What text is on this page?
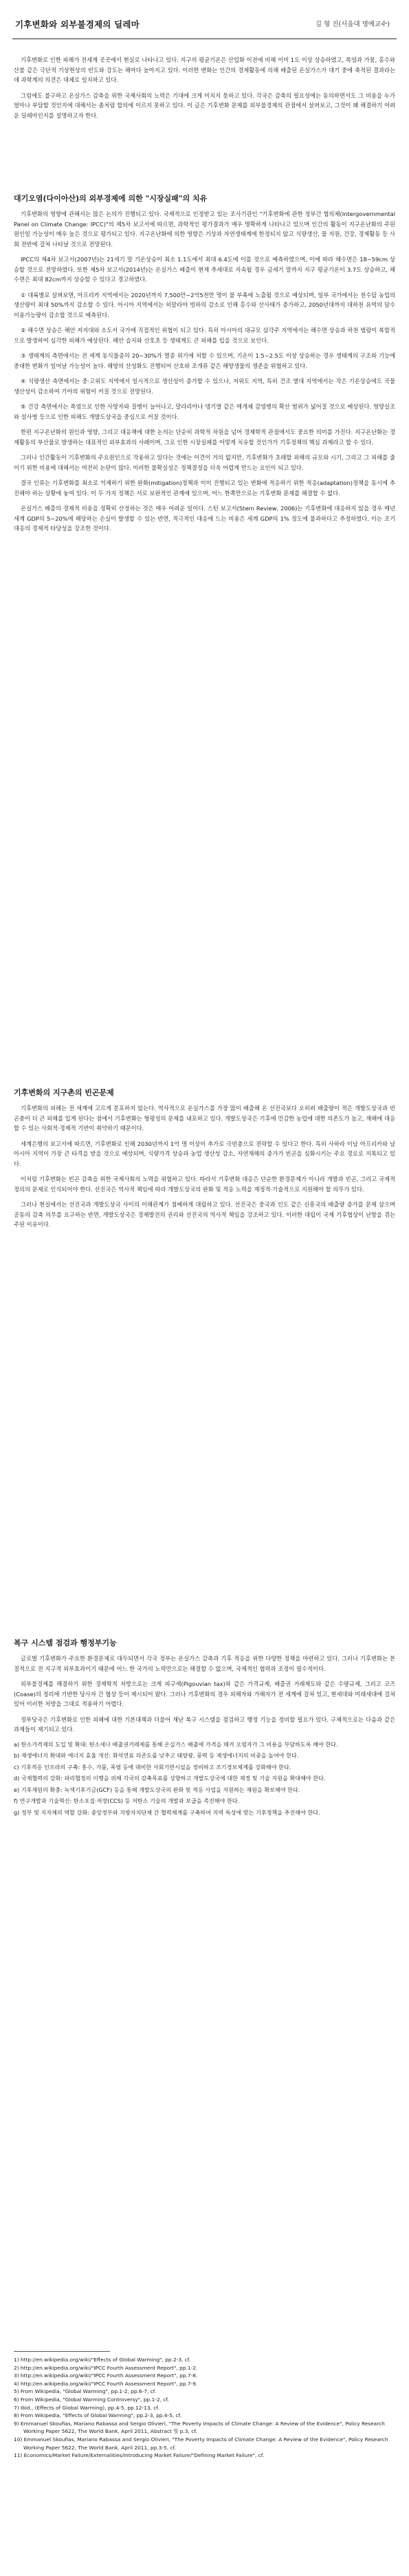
기후변화와 외부불경제의 딜레마	김 형 진(서울대 명예교수)

기후변화로 인한 피해가 전세계 곳곳에서 현실로 나타나고 있다. 지구의 평균기온은 산업화 이전에 비해 이미 1도 이상 상승하였고, 폭염과 가뭄, 홍수와 산불 같은 극단적 기상현상의 빈도와 강도는 해마다 높아지고 있다. 이러한 변화는 인간의 경제활동에 의해 배출된 온실가스가 대기 중에 축적된 결과라는 데 과학계의 의견은 대체로 일치하고 있다.

그럼에도 불구하고 온실가스 감축을 위한 국제사회의 노력은 기대에 크게 미치지 못하고 있다. 각국은 감축의 필요성에는 동의하면서도 그 비용을 누가 얼마나 부담할 것인지에 대해서는 좀처럼 합의에 이르지 못하고 있다. 이 글은 기후변화 문제를 외부불경제의 관점에서 살펴보고, 그것이 왜 해결하기 어려운 딜레마인지를 설명하고자 한다.

대기오염(다이아산)의 외부경제에 의한 "시장실패"의 치유

기후변화의 영향에 관해서는 많은 논의가 진행되고 있다. 국제적으로 인정받고 있는 조사기관인 "기후변화에 관한 정부간 협의체(Intergovernmental Panel on Climate Change: IPCC)"의 제5차 보고서에 따르면, 과학적인 평가결과가 매우 명확하게 나타나고 있으며 인간의 활동이 지구온난화의 주된 원인일 가능성이 매우 높은 것으로 평가되고 있다. 지구온난화에 의한 영향은 기상과 자연생태계에 한정되지 않고 식량생산, 물 자원, 건강, 경제활동 등 사회 전반에 걸쳐 나타날 것으로 전망된다.

IPCC의 제4차 보고서(2007년)는 21세기 말 기온상승이 최소 1.1도에서 최대 6.4도에 이를 것으로 예측하였으며, 이에 따라 해수면은 18~59cm 상승할 것으로 전망하였다. 또한 제5차 보고서(2014년)는 온실가스 배출이 현재 추세대로 지속될 경우 금세기 말까지 지구 평균기온이 3.7도 상승하고, 해수면은 최대 82cm까지 상승할 수 있다고 경고하였다.

① 대륙별로 살펴보면, 아프리카 지역에서는 2020년까지 7,500만~2억5천만 명이 물 부족에 노출될 것으로 예상되며, 일부 국가에서는 천수답 농업의 생산량이 최대 50%까지 감소할 수 있다. 아시아 지역에서는 히말라야 빙하의 감소로 인해 홍수와 산사태가 증가하고, 2050년대까지 대하천 유역의 담수 이용가능량이 감소할 것으로 예측된다.

② 해수면 상승은 해안 저지대와 소도서 국가에 직접적인 위협이 되고 있다. 특히 아시아의 대규모 삼각주 지역에서는 해수면 상승과 하천 범람이 복합적으로 발생하여 심각한 피해가 예상된다. 해안 습지와 산호초 등 생태계도 큰 피해를 입을 것으로 보인다.

③ 생태계의 측면에서는 전 세계 동식물종의 20~30%가 멸종 위기에 처할 수 있으며, 기온이 1.5~2.5도 이상 상승하는 경우 생태계의 구조와 기능에 중대한 변화가 일어날 가능성이 높다. 해양의 산성화도 진행되어 산호와 조개류 같은 해양생물의 생존을 위협하고 있다.

④ 식량생산 측면에서는 중·고위도 지역에서 일시적으로 생산성이 증가할 수 있으나, 저위도 지역, 특히 건조 열대 지역에서는 작은 기온상승에도 곡물 생산성이 감소하여 기아의 위험이 커질 것으로 전망된다.

⑤ 건강 측면에서는 폭염으로 인한 사망자와 질병이 늘어나고, 말라리아나 뎅기열 같은 매개체 감염병의 확산 범위가 넓어질 것으로 예상된다. 영양실조와 설사병 등으로 인한 피해도 개발도상국을 중심으로 커질 것이다.

한편 지구온난화의 원인과 영향, 그리고 대응책에 대한 논의는 단순히 과학적 차원을 넘어 경제학적 관점에서도 중요한 의미를 가진다. 지구온난화는 경제활동의 부산물로 발생하는 대표적인 외부효과의 사례이며, 그로 인한 시장실패를 어떻게 치유할 것인가가 기후정책의 핵심 과제라고 할 수 있다.

그러나 인간활동이 기후변화의 주요원인으로 작용하고 있다는 것에는 이견이 거의 없지만, 기후변화가 초래할 피해의 규모와 시기, 그리고 그 피해를 줄이기 위한 비용에 대해서는 여전히 논란이 많다. 이러한 불확실성은 정책결정을 더욱 어렵게 만드는 요인이 되고 있다.

결국 인류는 기후변화를 최소로 억제하기 위한 완화(mitigation)정책과 이미 진행되고 있는 변화에 적응하기 위한 적응(adaptation)정책을 동시에 추진해야 하는 상황에 놓여 있다. 이 두 가지 정책은 서로 보완적인 관계에 있으며, 어느 한쪽만으로는 기후변화 문제를 해결할 수 없다.

온실가스 배출의 경제적 비용을 정확히 산정하는 것은 매우 어려운 일이다. 스턴 보고서(Stern Review, 2006)는 기후변화에 대응하지 않을 경우 매년 세계 GDP의 5~20%에 해당하는 손실이 발생할 수 있는 반면, 적극적인 대응에 드는 비용은 세계 GDP의 1% 정도에 불과하다고 추정하였다. 이는 조기 대응의 경제적 타당성을 강조한 것이다.

기후변화의 지구촌의 빈곤문제

기후변화의 피해는 전 세계에 고르게 분포하지 않는다. 역사적으로 온실가스를 가장 많이 배출해 온 선진국보다 오히려 배출량이 적은 개발도상국과 빈곤층이 더 큰 피해를 입게 된다는 점에서 기후변화는 형평성의 문제를 내포하고 있다. 개발도상국은 기후에 민감한 농업에 대한 의존도가 높고, 재해에 대응할 수 있는 사회적·경제적 기반이 취약하기 때문이다.

세계은행의 보고서에 따르면, 기후변화로 인해 2030년까지 1억 명 이상이 추가로 극빈층으로 전락할 수 있다고 한다. 특히 사하라 이남 아프리카와 남아시아 지역이 가장 큰 타격을 받을 것으로 예상되며, 식량가격 상승과 농업 생산성 감소, 자연재해의 증가가 빈곤을 심화시키는 주요 경로로 지목되고 있다.

이처럼 기후변화는 빈곤 감축을 위한 국제사회의 노력을 위협하고 있다. 따라서 기후변화 대응은 단순한 환경문제가 아니라 개발과 빈곤, 그리고 국제적 정의의 문제로 인식되어야 한다. 선진국은 역사적 책임에 따라 개발도상국의 완화 및 적응 노력을 재정적·기술적으로 지원해야 할 의무가 있다.

그러나 현실에서는 선진국과 개발도상국 사이의 이해관계가 첨예하게 대립하고 있다. 선진국은 중국과 인도 같은 신흥국의 배출량 증가를 문제 삼으며 공동의 감축 의무를 요구하는 반면, 개발도상국은 경제발전의 권리와 선진국의 역사적 책임을 강조하고 있다. 이러한 대립이 국제 기후협상이 난항을 겪는 주된 이유이다.

복구 시스템 점검과 행정부기능

글로벌 기후변화가 주요한 환경문제로 대두되면서 각국 정부는 온실가스 감축과 기후 적응을 위한 다양한 정책을 마련하고 있다. 그러나 기후변화는 본질적으로 전 지구적 외부효과이기 때문에 어느 한 국가의 노력만으로는 해결할 수 없으며, 국제적인 협력과 조정이 필수적이다.

외부불경제를 해결하기 위한 경제학적 처방으로는 크게 피구세(Pigouvian tax)와 같은 가격규제, 배출권 거래제도와 같은 수량규제, 그리고 코즈(Coase)의 정리에 기반한 당사자 간 협상 등이 제시되어 왔다. 그러나 기후변화의 경우 피해자와 가해자가 전 세계에 걸쳐 있고, 현세대와 미래세대에 걸쳐 있어 이러한 처방을 그대로 적용하기 어렵다.

정부당국은 기후변화로 인한 피해에 대한 기본대책과 더불어 재난 복구 시스템을 점검하고 행정 기능을 정비할 필요가 있다. 구체적으로는 다음과 같은 과제들이 제기되고 있다.

a) 탄소가격제의 도입 및 확대: 탄소세나 배출권거래제를 통해 온실가스 배출에 가격을 매겨 오염자가 그 비용을 부담하도록 해야 한다.
b) 재생에너지 확대와 에너지 효율 개선: 화석연료 의존도를 낮추고 태양광, 풍력 등 재생에너지의 비중을 높여야 한다.
c) 기후적응 인프라의 구축: 홍수, 가뭄, 폭염 등에 대비한 사회기반시설을 정비하고 조기경보체계를 강화해야 한다.
d) 국제협력의 강화: 파리협정의 이행을 위해 각국의 감축목표를 상향하고 개발도상국에 대한 재정 및 기술 지원을 확대해야 한다.
e) 기후재원의 확충: 녹색기후기금(GCF) 등을 통해 개발도상국의 완화 및 적응 사업을 지원하는 재원을 확보해야 한다.
f) 연구개발과 기술혁신: 탄소포집·저장(CCS) 등 저탄소 기술의 개발과 보급을 촉진해야 한다.
g) 정부 및 지자체의 역할 강화: 중앙정부와 지방자치단체 간 협력체계를 구축하여 지역 특성에 맞는 기후정책을 추진해야 한다.
1) http://en.wikipedia.org/wiki/"Effects of Global Warming", pp.2-3, cf.
2) http://en.wikipedia.org/wiki/"IPCC Fourth Assessment Report", pp.1-2.
3) http://en.wikipedia.org/wiki/"IPCC Fourth Assessment Report", pp.7-8.
4) http://en.wikipedia.org/wiki/"IPCC Fourth Assessment Report", pp.7-9.
5) From Wikipedia, "Global Warming", pp.1-2, pp.6-7, cf.
6) From Wikipedia, "Global Warming Controversy", pp.1-2, cf.
7) Ibid., (Effects of Global Warming), pp.4-5, pp.12-13, cf.
8) From Wikipedia, "Effects of Global Warming", pp.2-3, pp.4-5, cf.
9) Emmanuel Skoufias, Mariano Rabassa and Sergio Olivieri, "The Poverty Impacts of Climate Change: A Review of the Evidence", Policy Research Working Paper 5622, The World Bank, April 2011, Abstract 및 p.3, cf.
10) Emmanuel Skoufias, Mariano Rabassa and Sergio Olivieri, "The Poverty Impacts of Climate Change: A Review of the Evidence", Policy Research Working Paper 5622, The World Bank, April 2011, pp.3-5, cf.
11) Economics/Market Failure/Externalities/Introducing Market Failure/"Defining Market Failure", cf.
